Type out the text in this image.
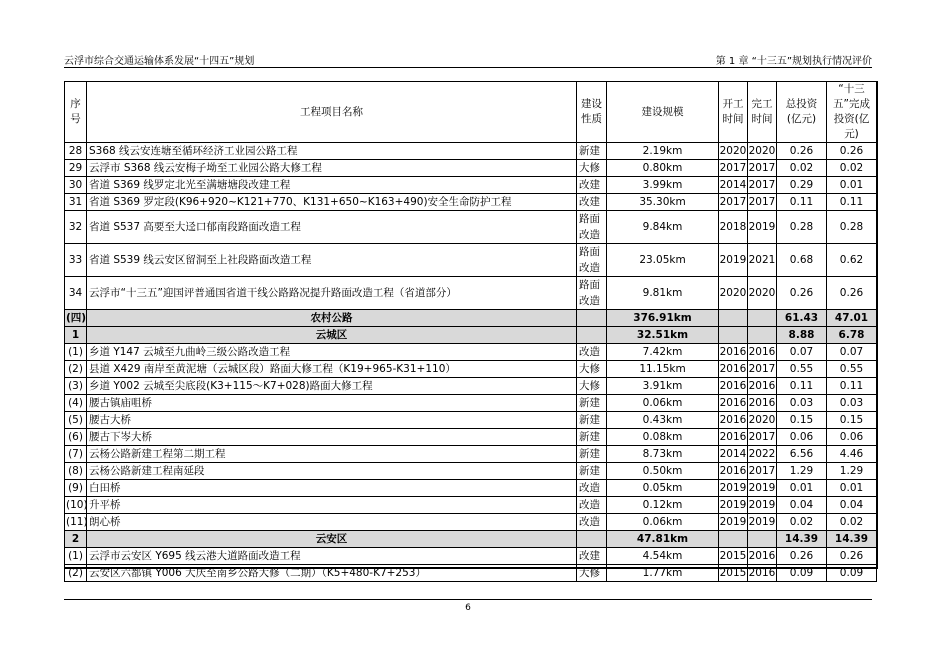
云浮市综合交通运输体系发展“十四五”规划	第 1 章 “十三五”规划执行情况评价
序号	工程项目名称	建设性质	建设规模	开工时间	完工时间	总投资(亿元)	“十三五”完成投资(亿元)
28	S368 线云安连塘至循环经济工业园公路工程	新建	2.19km	2020	2020	0.26	0.26
29	云浮市 S368 线云安梅子坳至工业园公路大修工程	大修	0.80km	2017	2017	0.02	0.02
30	省道 S369 线罗定北光至满塘塘段改建工程	改建	3.99km	2014	2017	0.29	0.01
31	省道 S369 罗定段(K96+920~K121+770、K131+650~K163+490)安全生命防护工程	改建	35.30km	2017	2017	0.11	0.11
32	省道 S537 高要至大迳口郁南段路面改造工程	路面改造	9.84km	2018	2019	0.28	0.28
33	省道 S539 线云安区留洞至上社段路面改造工程	路面改造	23.05km	2019	2021	0.68	0.62
34	云浮市“十三五”迎国评普通国省道干线公路路况提升路面改造工程（省道部分）	路面改造	9.81km	2020	2020	0.26	0.26
(四)	农村公路		376.91km			61.43	47.01
1	云城区		32.51km			8.88	6.78
(1)	乡道 Y147 云城至九曲岭三级公路改造工程	改造	7.42km	2016	2016	0.07	0.07
(2)	县道 X429 南岸至黄泥塘（云城区段）路面大修工程（K19+965-K31+110）	大修	11.15km	2016	2017	0.55	0.55
(3)	乡道 Y002 云城至尖底段(K3+115～K7+028)路面大修工程	大修	3.91km	2016	2016	0.11	0.11
(4)	腰古镇庙咀桥	新建	0.06km	2016	2016	0.03	0.03
(5)	腰古大桥	新建	0.43km	2016	2020	0.15	0.15
(6)	腰古下岑大桥	新建	0.08km	2016	2017	0.06	0.06
(7)	云杨公路新建工程第二期工程	新建	8.73km	2014	2022	6.56	4.46
(8)	云杨公路新建工程南延段	新建	0.50km	2016	2017	1.29	1.29
(9)	白田桥	改造	0.05km	2019	2019	0.01	0.01
(10)	升平桥	改造	0.12km	2019	2019	0.04	0.04
(11)	朗心桥	改造	0.06km	2019	2019	0.02	0.02
2	云安区		47.81km			14.39	14.39
(1)	云浮市云安区 Y695 线云港大道路面改造工程	改建	4.54km	2015	2016	0.26	0.26
(2)	云安区六都镇 Y006 大庆至南乡公路大修（二期）（K5+480-K7+253）	大修	1.77km	2015	2016	0.09	0.09
6
